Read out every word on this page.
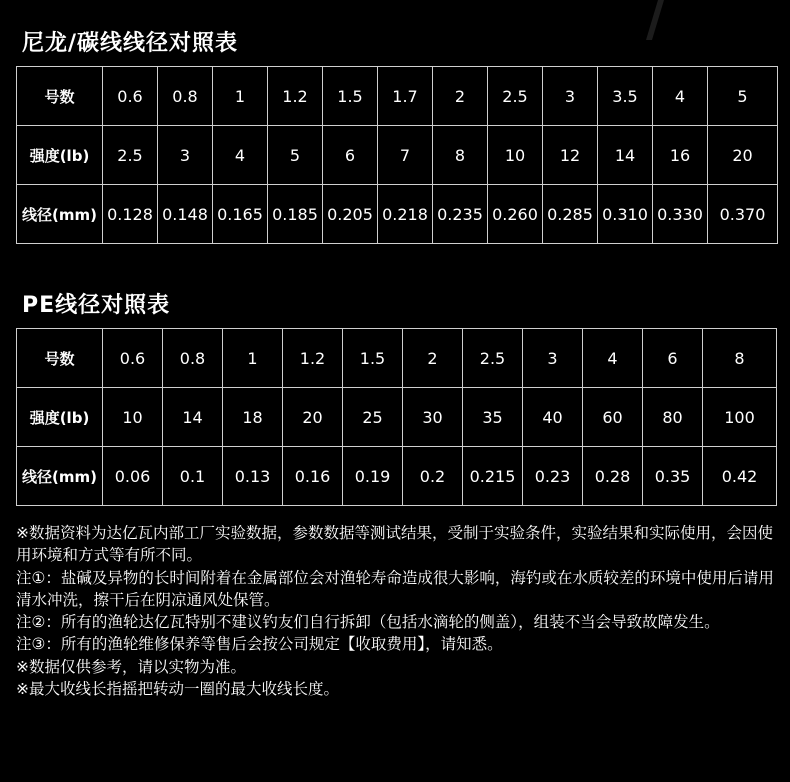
尼龙/碳线线径对照表
号数	0.6	0.8	1	1.2	1.5	1.7	2	2.5	3	3.5	4	5
强度(lb)	2.5	3	4	5	6	7	8	10	12	14	16	20
线径(mm)	0.128	0.148	0.165	0.185	0.205	0.218	0.235	0.260	0.285	0.310	0.330	0.370
PE线径对照表
号数	0.6	0.8	1	1.2	1.5	2	2.5	3	4	6	8
强度(lb)	10	14	18	20	25	30	35	40	60	80	100
线径(mm)	0.06	0.1	0.13	0.16	0.19	0.2	0.215	0.23	0.28	0.35	0.42

※数据资料为达亿瓦内部工厂实验数据，参数数据等测试结果，受制于实验条件，实验结果和实际使用，会因使用环境和方式等有所不同。

注①：盐碱及异物的长时间附着在金属部位会对渔轮寿命造成很大影响，海钓或在水质较差的环境中使用后请用清水冲洗，擦干后在阴凉通风处保管。

注②：所有的渔轮达亿瓦特别不建议钓友们自行拆卸（包括水滴轮的侧盖），组装不当会导致故障发生。

注③：所有的渔轮维修保养等售后会按公司规定【收取费用】，请知悉。

※数据仅供参考，请以实物为准。

※最大收线长指摇把转动一圈的最大收线长度。
